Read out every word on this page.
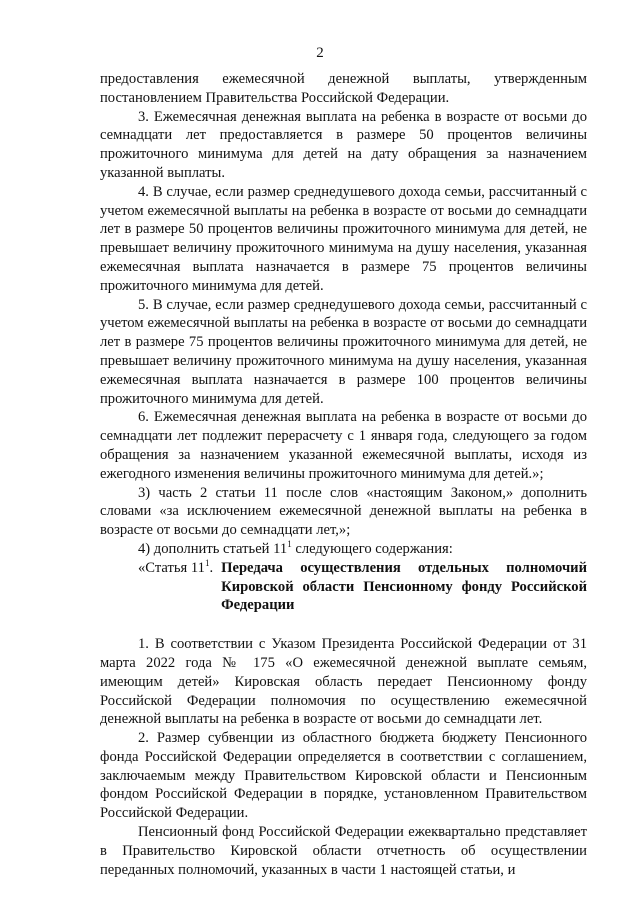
2

предоставления ежемесячной денежной выплаты, утвержденным постановлением Правительства Российской Федерации.

3. Ежемесячная денежная выплата на ребенка в возрасте от восьми до семнадцати лет предоставляется в размере 50 процентов величины прожиточного минимума для детей на дату обращения за назначением указанной выплаты.

4. В случае, если размер среднедушевого дохода семьи, рассчитанный с учетом ежемесячной выплаты на ребенка в возрасте от восьми до семнадцати лет в размере 50 процентов величины прожиточного минимума для детей, не превышает величину прожиточного минимума на душу населения, указанная ежемесячная выплата назначается в размере 75 процентов величины прожиточного минимума для детей.

5. В случае, если размер среднедушевого дохода семьи, рассчитанный с учетом ежемесячной выплаты на ребенка в возрасте от восьми до семнадцати лет в размере 75 процентов величины прожиточного минимума для детей, не превышает величину прожиточного минимума на душу населения, указанная ежемесячная выплата назначается в размере 100 процентов величины прожиточного минимума для детей.

6. Ежемесячная денежная выплата на ребенка в возрасте от восьми до семнадцати лет подлежит перерасчету с 1 января года, следующего за годом обращения за назначением указанной ежемесячной выплаты, исходя из ежегодного изменения величины прожиточного минимума для детей.»;

3) часть 2 статьи 11 после слов «настоящим Законом,» дополнить словами «за исключением ежемесячной денежной выплаты на ребенка в возрасте от восьми до семнадцати лет,»;

4) дополнить статьей $11^1$ следующего содержания:

«Статья $11^1$. Передача осуществления отдельных полномочий Кировской области Пенсионному фонду Российской Федерации

1. В соответствии с Указом Президента Российской Федерации от 31 марта 2022 года № 175 «О ежемесячной денежной выплате семьям, имеющим детей» Кировская область передает Пенсионному фонду Российской Федерации полномочия по осуществлению ежемесячной денежной выплаты на ребенка в возрасте от восьми до семнадцати лет.

2. Размер субвенции из областного бюджета бюджету Пенсионного фонда Российской Федерации определяется в соответствии с соглашением, заключаемым между Правительством Кировской области и Пенсионным фондом Российской Федерации в порядке, установленном Правительством Российской Федерации.

Пенсионный фонд Российской Федерации ежеквартально представляет в Правительство Кировской области отчетность об осуществлении переданных полномочий, указанных в части 1 настоящей статьи, и
